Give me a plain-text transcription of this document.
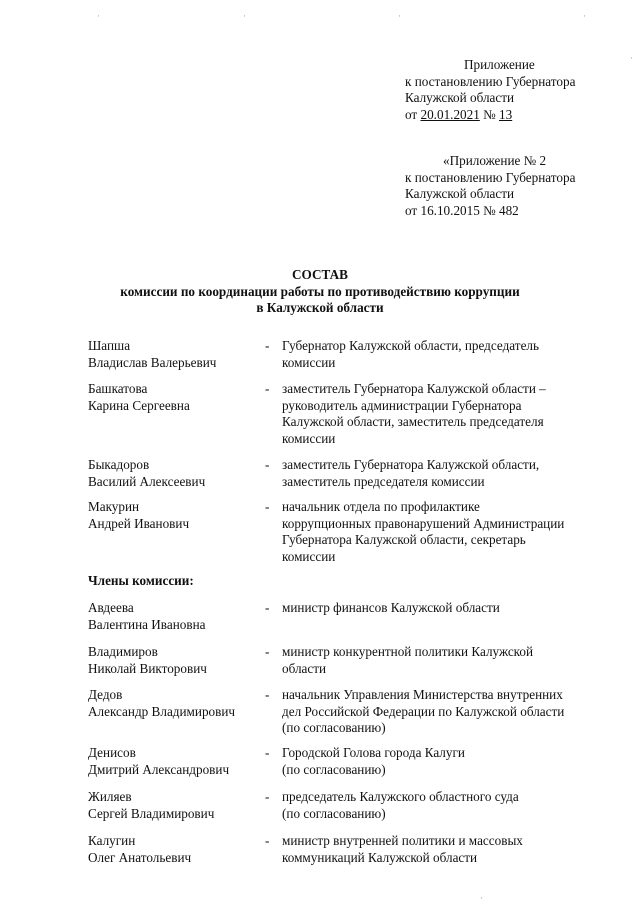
·	·	·	·
·
·
Приложение
к постановлению Губернатора
Калужской области
от 20.01.2021 № 13
«Приложение № 2
к постановлению Губернатора
Калужской области
от 16.10.2015 № 482
СОСТАВ
комиссии по координации работы по противодействию коррупции
в Калужской области
Шапша
Владислав Валерьевич
- Губернатор Калужской области, председатель
комиссии
Башкатова
Карина Сергеевна
- заместитель Губернатора Калужской области –
руководитель администрации Губернатора
Калужской области, заместитель председателя
комиссии
Быкадоров
Василий Алексеевич
- заместитель Губернатора Калужской области,
заместитель председателя комиссии
Макурин
Андрей Иванович
- начальник отдела по профилактике
коррупционных правонарушений Администрации
Губернатора Калужской области, секретарь
комиссии
Члены комиссии:
Авдеева
Валентина Ивановна
- министр финансов Калужской области
Владимиров
Николай Викторович
- министр конкурентной политики Калужской
области
Дедов
Александр Владимирович
- начальник Управления Министерства внутренних
дел Российской Федерации по Калужской области
(по согласованию)
Денисов
Дмитрий Александрович
- Городской Голова города Калуги
(по согласованию)
Жиляев
Сергей Владимирович
- председатель Калужского областного суда
(по согласованию)
Калугин
Олег Анатольевич
- министр внутренней политики и массовых
коммуникаций Калужской области
